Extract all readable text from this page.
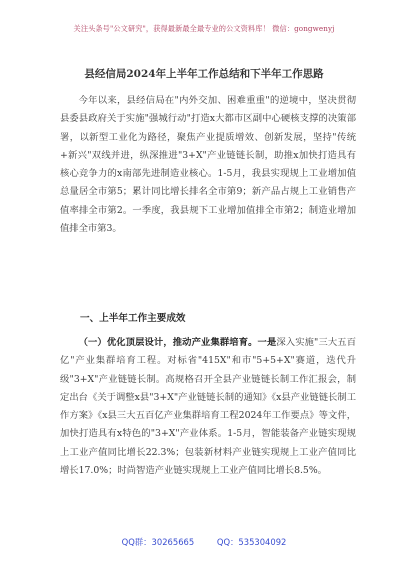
关注头条号"公文研究"，获得最新最全最专业的公文资料库！ 微信：gongwenyj
县经信局2024年上半年工作总结和下半年工作思路
今年以来，县经信局在"内外交加、困难重重"的逆境中，坚决贯彻县委县政府关于实施"强城行动"打造x大都市区副中心硬核支撑的决策部署，以新型工业化为路径，聚焦产业提质增效、创新发展，坚持"传统+新兴"双线并进，纵深推进"3+X"产业链链长制，助推x加快打造具有核心竞争力的x南部先进制造业核心。1-5月，我县实现规上工业增加值总量居全市第5；累计同比增长排名全市第9；新产品占规上工业销售产值率排全市第2。一季度，我县规下工业增加值排全市第2；制造业增加值排全市第3。
一、上半年工作主要成效
（一）优化顶层设计，推动产业集群培育。一是深入实施"三大五百亿"产业集群培育工程。对标省"415X"和市"5+5+X"赛道，迭代升级"3+X"产业链链长制。高规格召开全县产业链链长制工作汇报会，制定出台《关于调整x县"3+X"产业链链长制的通知》《x县产业链链长制工作方案》《x县三大五百亿产业集群培育工程2024年工作要点》等文件，加快打造具有x特色的"3+X"产业体系。1-5月，智能装备产业链实现规上工业产值同比增长22.3%；包装新材料产业链实现规上工业产值同比增长17.0%；时尚智造产业链实现规上工业产值同比增长8.5%。
QQ群：30265665	QQ：535304092
